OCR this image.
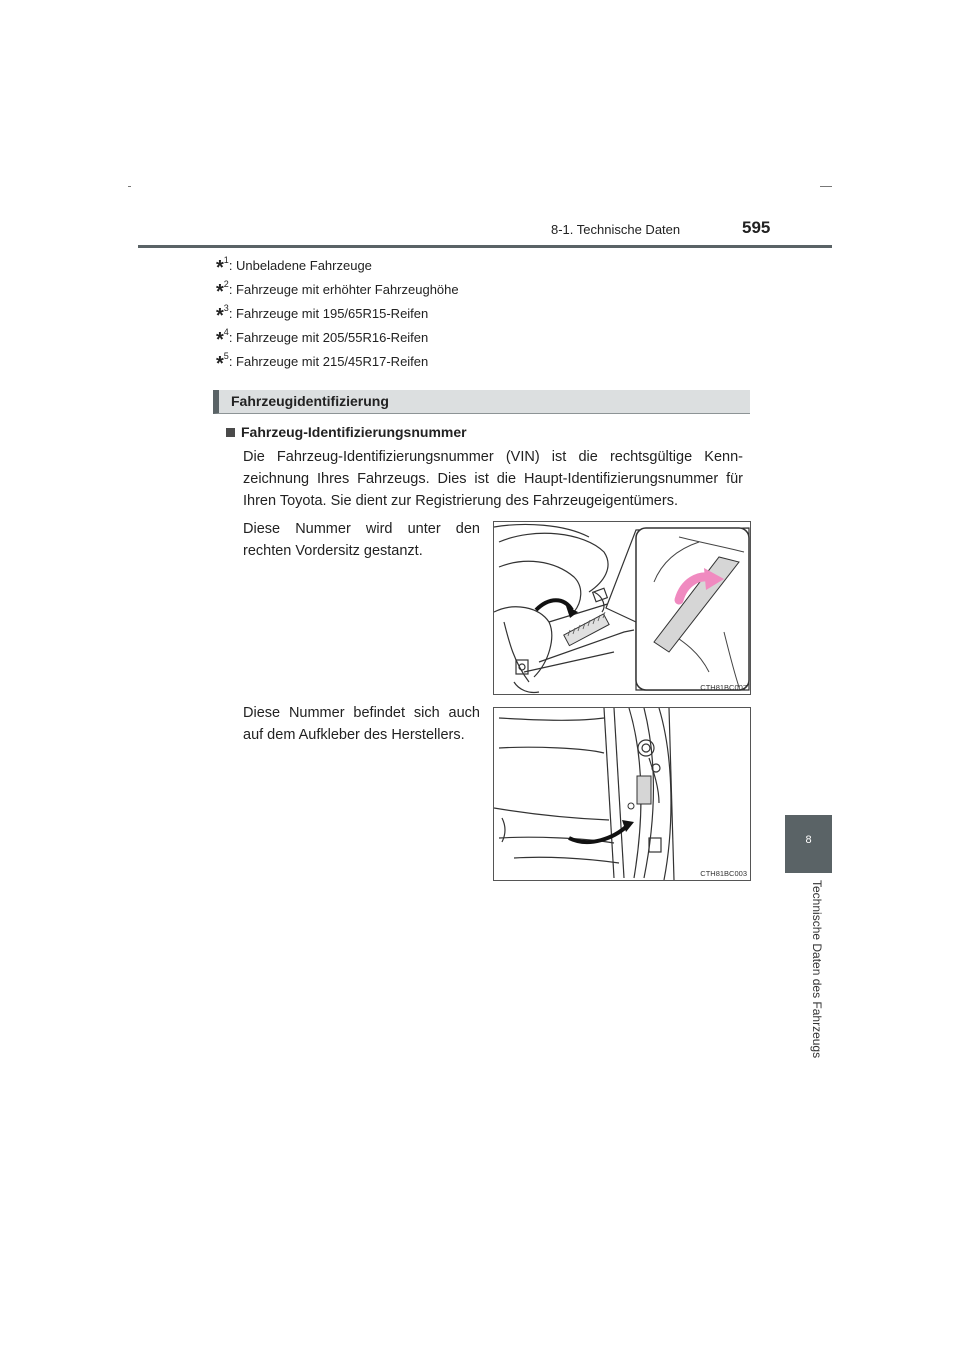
8-1. Technische Daten	595
*$^1$: Unbeladene Fahrzeuge
*$^2$: Fahrzeuge mit erhöhter Fahrzeughöhe
*$^3$: Fahrzeuge mit 195/65R15-Reifen
*$^4$: Fahrzeuge mit 205/55R16-Reifen
*$^5$: Fahrzeuge mit 215/45R17-Reifen
Fahrzeugidentifizierung
Fahrzeug-Identifizierungsnummer
Die Fahrzeug-Identifizierungsnummer (VIN) ist die rechtsgültige Kenn-zeichnung Ihres Fahrzeugs. Dies ist die Haupt-Identifizierungsnummer für Ihren Toyota. Sie dient zur Registrierung des Fahrzeugeigentümers.
Diese Nummer wird unter den rechten Vordersitz gestanzt.
CTH81BC007
Diese Nummer befindet sich auch auf dem Aufkleber des Herstellers.
CTH81BC003
8
Technische Daten des Fahrzeugs
